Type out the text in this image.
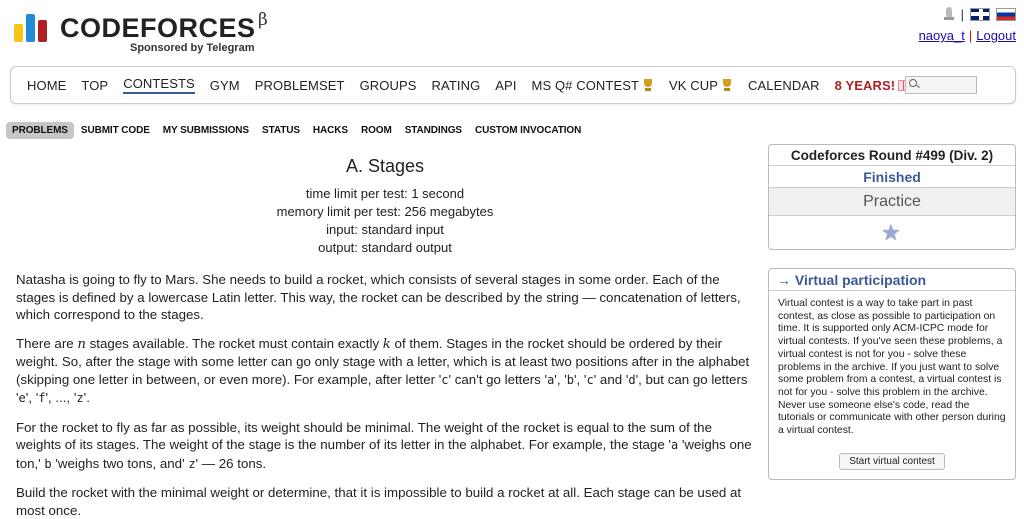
CODEFORCES β
Sponsored by Telegram
|
naoya_t | Logout
HOME TOP CONTESTS GYM PROBLEMSET GROUPS RATING API MS Q# CONTEST VK CUP CALENDAR 8 YEARS!
PROBLEMS	SUBMIT CODE	MY SUBMISSIONS	STATUS	HACKS	ROOM	STANDINGS	CUSTOM INVOCATION
A. Stages
time limit per test: 1 second
memory limit per test: 256 megabytes
input: standard input
output: standard output

Natasha is going to fly to Mars. She needs to build a rocket, which consists of several stages in some order. Each of the stages is defined by a lowercase Latin letter. This way, the rocket can be described by the string — concatenation of letters, which correspond to the stages.

There are n stages available. The rocket must contain exactly k of them. Stages in the rocket should be ordered by their weight. So, after the stage with some letter can go only stage with a letter, which is at least two positions after in the alphabet (skipping one letter in between, or even more). For example, after letter 'c' can't go letters 'a', 'b', 'c' and 'd', but can go letters 'e', 'f', ..., 'z'.

For the rocket to fly as far as possible, its weight should be minimal. The weight of the rocket is equal to the sum of the weights of its stages. The weight of the stage is the number of its letter in the alphabet. For example, the stage 'a 'weighs one ton,' b 'weighs two tons, and' z' — 26 tons.

Build the rocket with the minimal weight or determine, that it is impossible to build a rocket at all. Each stage can be used at most once.

Codeforces Round #499 (Div. 2)
Finished
Practice
★
→ Virtual participation
Virtual contest is a way to take part in past contest, as close as possible to participation on time. It is supported only ACM-ICPC mode for virtual contests. If you've seen these problems, a virtual contest is not for you - solve these problems in the archive. If you just want to solve some problem from a contest, a virtual contest is not for you - solve this problem in the archive. Never use someone else's code, read the tutorials or communicate with other person during a virtual contest.
Start virtual contest
